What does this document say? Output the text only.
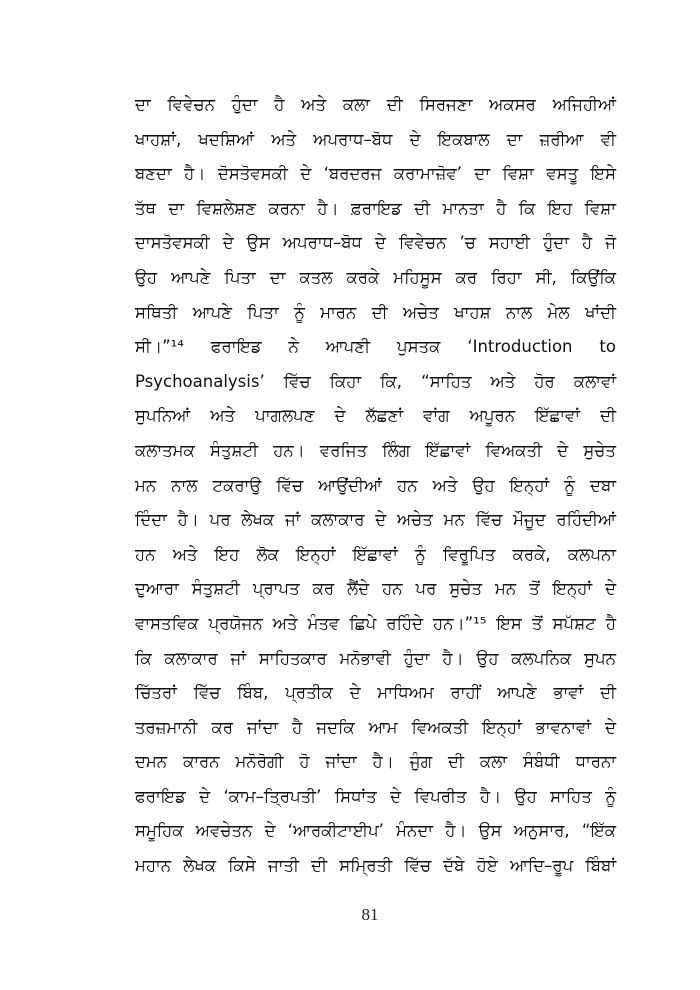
ਦਾ ਵਿਵੇਚਨ ਹੁੰਦਾ ਹੈ ਅਤੇ ਕਲਾ ਦੀ ਸਿਰਜਣਾ ਅਕਸਰ ਅਜਿਹੀਆਂ
ਖਾਹਸ਼ਾਂ, ਖਦਸ਼ਿਆਂ ਅਤੇ ਅਪਰਾਧ–ਬੋਧ ਦੇ ਇਕਬਾਲ ਦਾ ਜ਼ਰੀਆ ਵੀ
ਬਣਦਾ ਹੈ। ਦੋਸਤੋਵਸਕੀ ਦੇ ‘ਬਰਦਰਜ ਕਰਾਮਾਜ਼ੋਵ’ ਦਾ ਵਿਸ਼ਾ ਵਸਤੂ ਇਸੇ
ਤੱਥ ਦਾ ਵਿਸ਼ਲੇਸ਼ਣ ਕਰਨਾ ਹੈ। ਫ਼ਰਾਇਡ ਦੀ ਮਾਨਤਾ ਹੈ ਕਿ ਇਹ ਵਿਸ਼ਾ
ਦਾਸਤੋਵਸਕੀ ਦੇ ਉਸ ਅਪਰਾਧ–ਬੋਧ ਦੇ ਵਿਵੇਚਨ ’ਚ ਸਹਾਈ ਹੁੰਦਾ ਹੈ ਜੋ
ਉਹ ਆਪਣੇ ਪਿਤਾ ਦਾ ਕਤਲ ਕਰਕੇ ਮਹਿਸੂਸ ਕਰ ਰਿਹਾ ਸੀ, ਕਿਉਂਕਿ
ਸਥਿਤੀ ਆਪਣੇ ਪਿਤਾ ਨੂੰ ਮਾਰਨ ਦੀ ਅਚੇਤ ਖਾਹਸ਼ ਨਾਲ ਮੇਲ ਖਾਂਦੀ
ਸੀ।”¹⁴ ਫਰਾਇਡ ਨੇ ਆਪਣੀ ਪੁਸਤਕ ‘Introduction to
Psychoanalysis’ ਵਿੱਚ ਕਿਹਾ ਕਿ, “ਸਾਹਿਤ ਅਤੇ ਹੋਰ ਕਲਾਵਾਂ
ਸੁਪਨਿਆਂ ਅਤੇ ਪਾਗਲਪਣ ਦੇ ਲੱਛਣਾਂ ਵਾਂਗ ਅਪੂਰਨ ਇੱਛਾਵਾਂ ਦੀ
ਕਲਾਤਮਕ ਸੰਤੁਸ਼ਟੀ ਹਨ। ਵਰਜਿਤ ਲਿੰਗ ਇੱਛਾਵਾਂ ਵਿਅਕਤੀ ਦੇ ਸੁਚੇਤ
ਮਨ ਨਾਲ ਟਕਰਾਉ ਵਿੱਚ ਆਉਂਦੀਆਂ ਹਨ ਅਤੇ ਉਹ ਇਨ੍ਹਾਂ ਨੂੰ ਦਬਾ
ਦਿੰਦਾ ਹੈ। ਪਰ ਲੇਖਕ ਜਾਂ ਕਲਾਕਾਰ ਦੇ ਅਚੇਤ ਮਨ ਵਿੱਚ ਮੌਜੂਦ ਰਹਿੰਦੀਆਂ
ਹਨ ਅਤੇ ਇਹ ਲੋਕ ਇਨ੍ਹਾਂ ਇੱਛਾਵਾਂ ਨੂੰ ਵਿਰੂਪਿਤ ਕਰਕੇ, ਕਲਪਨਾ
ਦੁਆਰਾ ਸੰਤੁਸ਼ਟੀ ਪ੍ਰਾਪਤ ਕਰ ਲੈਂਦੇ ਹਨ ਪਰ ਸੁਚੇਤ ਮਨ ਤੋਂ ਇਨ੍ਹਾਂ ਦੇ
ਵਾਸਤਵਿਕ ਪ੍ਰਯੋਜਨ ਅਤੇ ਮੰਤਵ ਛਿਪੇ ਰਹਿੰਦੇ ਹਨ।”¹⁵ ਇਸ ਤੋਂ ਸਪੱਸ਼ਟ ਹੈ
ਕਿ ਕਲਾਕਾਰ ਜਾਂ ਸਾਹਿਤਕਾਰ ਮਨੋਭਾਵੀ ਹੁੰਦਾ ਹੈ। ਉਹ ਕਲਪਨਿਕ ਸੁਪਨ
ਚਿੱਤਰਾਂ ਵਿੱਚ ਬਿੰਬ, ਪ੍ਰਤੀਕ ਦੇ ਮਾਧਿਅਮ ਰਾਹੀਂ ਆਪਣੇ ਭਾਵਾਂ ਦੀ
ਤਰਜ਼ਮਾਨੀ ਕਰ ਜਾਂਦਾ ਹੈ ਜਦਕਿ ਆਮ ਵਿਅਕਤੀ ਇਨ੍ਹਾਂ ਭਾਵਨਾਵਾਂ ਦੇ
ਦਮਨ ਕਾਰਨ ਮਨੋਰੋਗੀ ਹੋ ਜਾਂਦਾ ਹੈ। ਜੁੰਗ ਦੀ ਕਲਾ ਸੰਬੰਧੀ ਧਾਰਨਾ
ਫਰਾਇਡ ਦੇ ‘ਕਾਮ–ਤ੍ਰਿਪਤੀ’ ਸਿਧਾਂਤ ਦੇ ਵਿਪਰੀਤ ਹੈ। ਉਹ ਸਾਹਿਤ ਨੂੰ
ਸਮੂਹਿਕ ਅਵਚੇਤਨ ਦੇ ‘ਆਰਕੀਟਾਈਪ’ ਮੰਨਦਾ ਹੈ। ਉਸ ਅਨੁਸਾਰ, “ਇੱਕ
ਮਹਾਨ ਲੇਖਕ ਕਿਸੇ ਜਾਤੀ ਦੀ ਸਮ੍ਰਿਤੀ ਵਿੱਚ ਦੱਬੇ ਹੋਏ ਆਦਿ–ਰੂਪ ਬਿੰਬਾਂ
81
